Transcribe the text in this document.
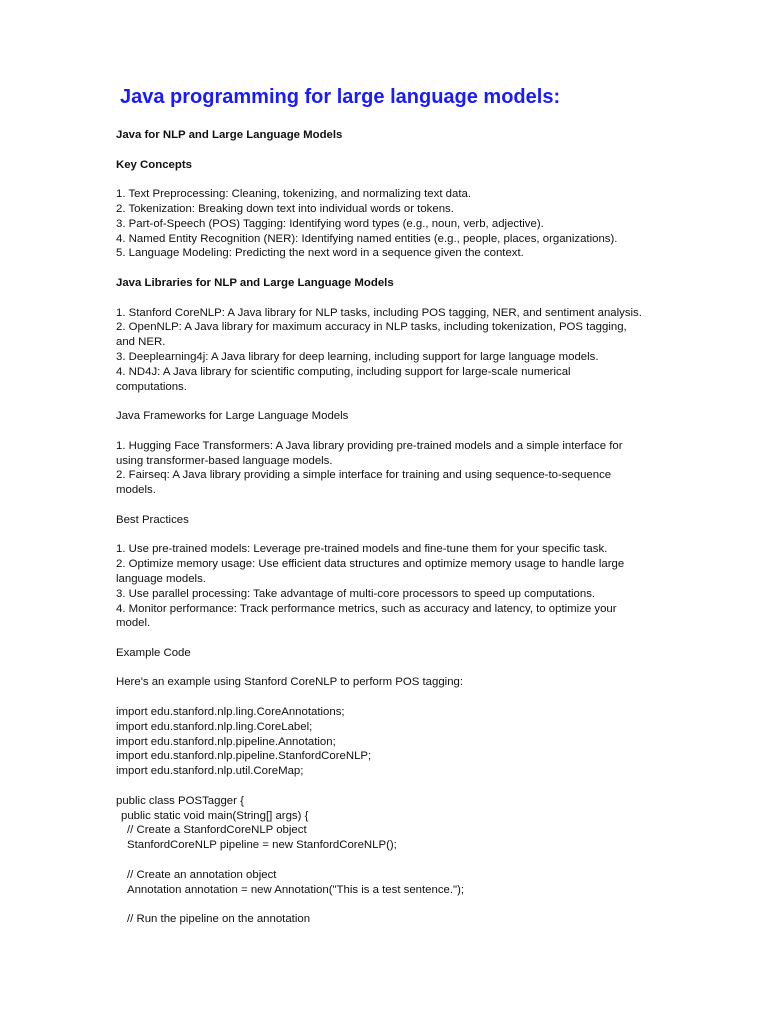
Java programming for large language models:
Java for NLP and Large Language Models
Key Concepts
1. Text Preprocessing: Cleaning, tokenizing, and normalizing text data.
2. Tokenization: Breaking down text into individual words or tokens.
3. Part-of-Speech (POS) Tagging: Identifying word types (e.g., noun, verb, adjective).
4. Named Entity Recognition (NER): Identifying named entities (e.g., people, places, organizations).
5. Language Modeling: Predicting the next word in a sequence given the context.
Java Libraries for NLP and Large Language Models
1. Stanford CoreNLP: A Java library for NLP tasks, including POS tagging, NER, and sentiment analysis.
2. OpenNLP: A Java library for maximum accuracy in NLP tasks, including tokenization, POS tagging,
and NER.
3. Deeplearning4j: A Java library for deep learning, including support for large language models.
4. ND4J: A Java library for scientific computing, including support for large-scale numerical
computations.
Java Frameworks for Large Language Models
1. Hugging Face Transformers: A Java library providing pre-trained models and a simple interface for
using transformer-based language models.
2. Fairseq: A Java library providing a simple interface for training and using sequence-to-sequence
models.
Best Practices
1. Use pre-trained models: Leverage pre-trained models and fine-tune them for your specific task.
2. Optimize memory usage: Use efficient data structures and optimize memory usage to handle large
language models.
3. Use parallel processing: Take advantage of multi-core processors to speed up computations.
4. Monitor performance: Track performance metrics, such as accuracy and latency, to optimize your
model.
Example Code
Here's an example using Stanford CoreNLP to perform POS tagging:
import edu.stanford.nlp.ling.CoreAnnotations;
import edu.stanford.nlp.ling.CoreLabel;
import edu.stanford.nlp.pipeline.Annotation;
import edu.stanford.nlp.pipeline.StanfordCoreNLP;
import edu.stanford.nlp.util.CoreMap;
public class POSTagger {
public static void main(String[] args) {
// Create a StanfordCoreNLP object
StanfordCoreNLP pipeline = new StanfordCoreNLP();
// Create an annotation object
Annotation annotation = new Annotation("This is a test sentence.");
// Run the pipeline on the annotation
